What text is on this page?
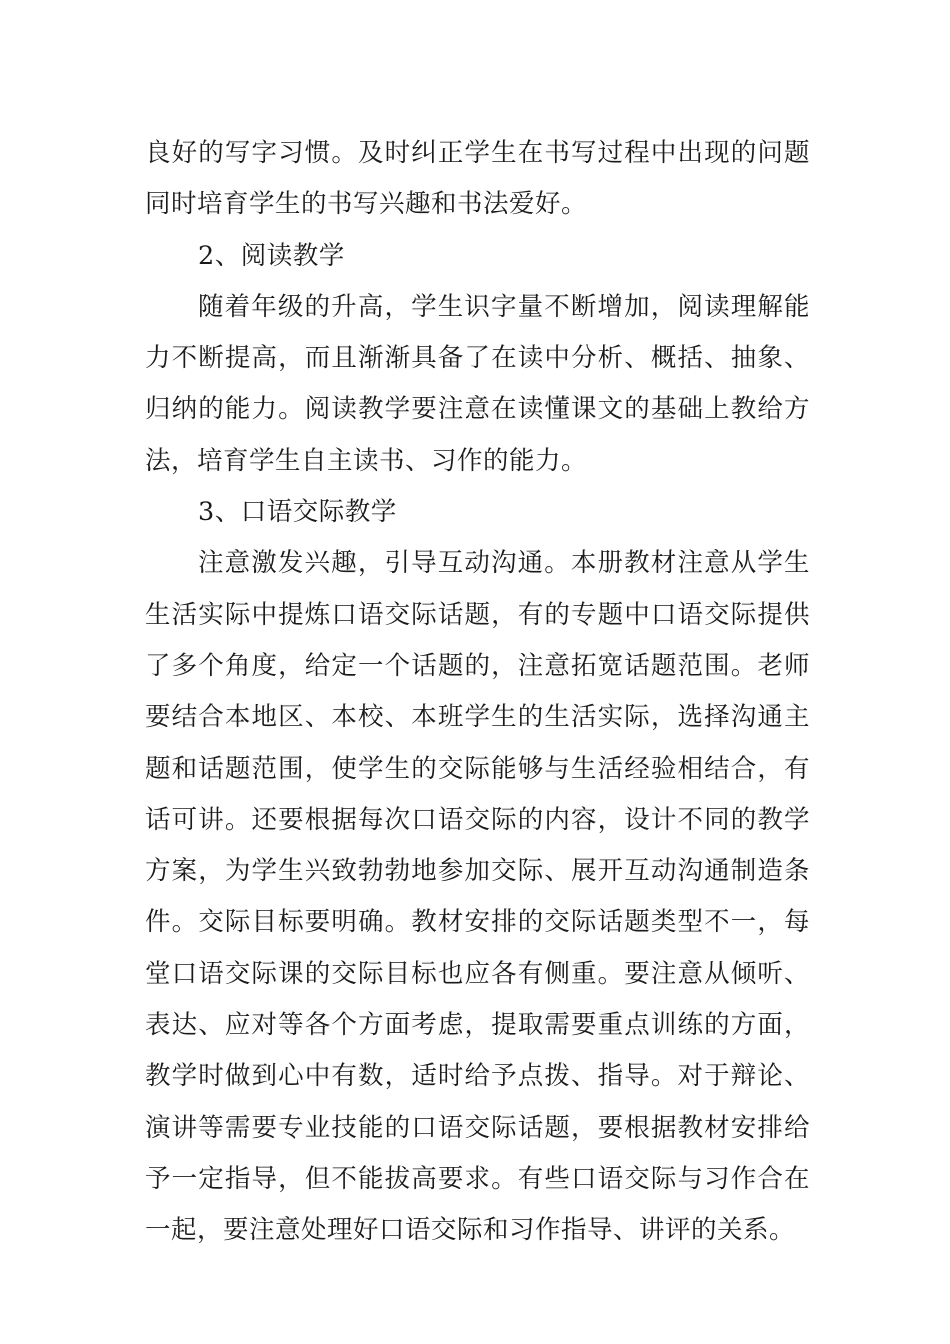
良好的写字习惯。及时纠正学生在书写过程中出现的问题同时培育学生的书写兴趣和书法爱好。

2、阅读教学

随着年级的升高，学生识字量不断增加，阅读理解能力不断提高，而且渐渐具备了在读中分析、概括、抽象、归纳的能力。阅读教学要注意在读懂课文的基础上教给方法，培育学生自主读书、习作的能力。

3、口语交际教学

注意激发兴趣，引导互动沟通。本册教材注意从学生生活实际中提炼口语交际话题，有的专题中口语交际提供了多个角度，给定一个话题的，注意拓宽话题范围。老师要结合本地区、本校、本班学生的生活实际，选择沟通主题和话题范围，使学生的交际能够与生活经验相结合，有话可讲。还要根据每次口语交际的内容，设计不同的教学方案，为学生兴致勃勃地参加交际、展开互动沟通制造条件。交际目标要明确。教材安排的交际话题类型不一，每堂口语交际课的交际目标也应各有侧重。要注意从倾听、表达、应对等各个方面考虑，提取需要重点训练的方面，教学时做到心中有数，适时给予点拨、指导。对于辩论、演讲等需要专业技能的口语交际话题，要根据教材安排给予一定指导，但不能拔高要求。有些口语交际与习作合在一起，要注意处理好口语交际和习作指导、讲评的关系。
